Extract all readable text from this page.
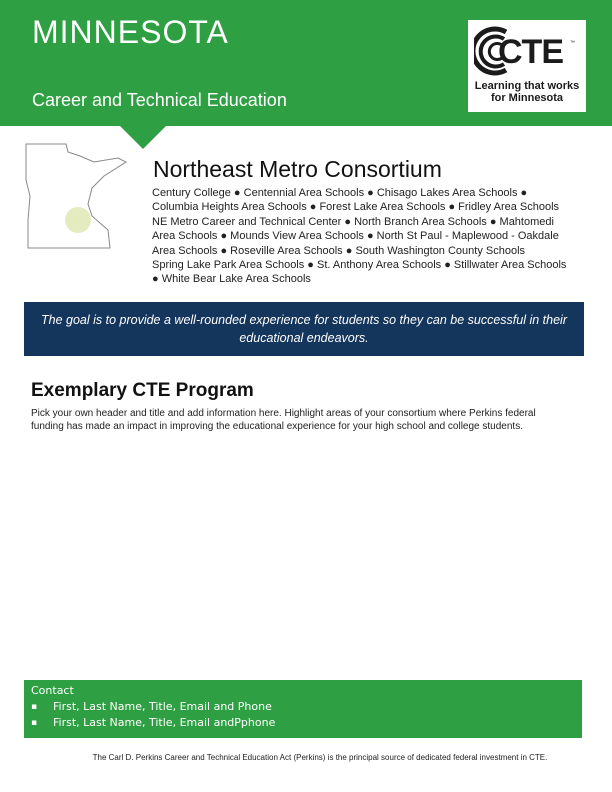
MINNESOTA
Career and Technical Education
CTE ™
Learning that works for Minnesota
Northeast Metro Consortium

Century College ● Centennial Area Schools ● Chisago Lakes Area Schools ● Columbia Heights Area Schools ● Forest Lake Area Schools ● Fridley Area Schools

NE Metro Career and Technical Center ● North Branch Area Schools ● Mahtomedi Area Schools ● Mounds View Area Schools ● North St Paul - Maplewood - Oakdale Area Schools ● Roseville Area Schools ● South Washington County Schools

Spring Lake Park Area Schools ● St. Anthony Area Schools ● Stillwater Area Schools ● White Bear Lake Area Schools

The goal is to provide a well-rounded experience for students so they can be successful in their educational endeavors.
Exemplary CTE Program
Pick your own header and title and add information here. Highlight areas of your consortium where Perkins federal funding has made an impact in improving the educational experience for your high school and college students.
Contact
▪ First, Last Name, Title, Email and Phone
▪ First, Last Name, Title, Email andPphone
The Carl D. Perkins Career and Technical Education Act (Perkins) is the principal source of dedicated federal investment in CTE.
